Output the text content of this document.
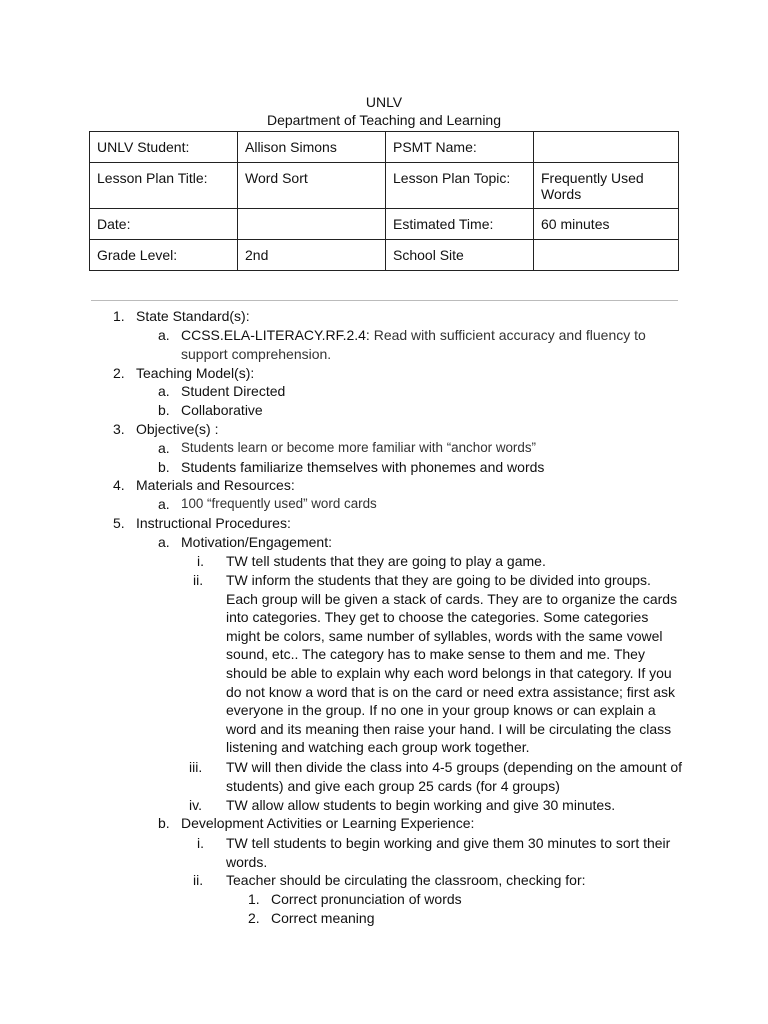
UNLV
Department of Teaching and Learning
UNLV Student:	Allison Simons	PSMT Name:	
Lesson Plan Title:	Word Sort	Lesson Plan Topic:	Frequently Used Words
Date:		Estimated Time:	60 minutes
Grade Level:	2nd	School Site	
1. State Standard(s):
a. CCSS.ELA-LITERACY.RF.2.4: Read with sufficient accuracy and fluency to
support comprehension.
2. Teaching Model(s):
a. Student Directed
b. Collaborative
3. Objective(s) :
a. Students learn or become more familiar with “anchor words”
b. Students familiarize themselves with phonemes and words
4. Materials and Resources:
a. 100 “frequently used” word cards
5. Instructional Procedures:
a. Motivation/Engagement:
i. TW tell students that they are going to play a game.
ii. TW inform the students that they are going to be divided into groups.
Each group will be given a stack of cards. They are to organize the cards
into categories. They get to choose the categories. Some categories
might be colors, same number of syllables, words with the same vowel
sound, etc.. The category has to make sense to them and me. They
should be able to explain why each word belongs in that category. If you
do not know a word that is on the card or need extra assistance; first ask
everyone in the group. If no one in your group knows or can explain a
word and its meaning then raise your hand. I will be circulating the class
listening and watching each group work together.
iii. TW will then divide the class into 4-5 groups (depending on the amount of
students) and give each group 25 cards (for 4 groups)
iv. TW allow allow students to begin working and give 30 minutes.
b. Development Activities or Learning Experience:
i. TW tell students to begin working and give them 30 minutes to sort their
words.
ii. Teacher should be circulating the classroom, checking for:
1. Correct pronunciation of words
2. Correct meaning
